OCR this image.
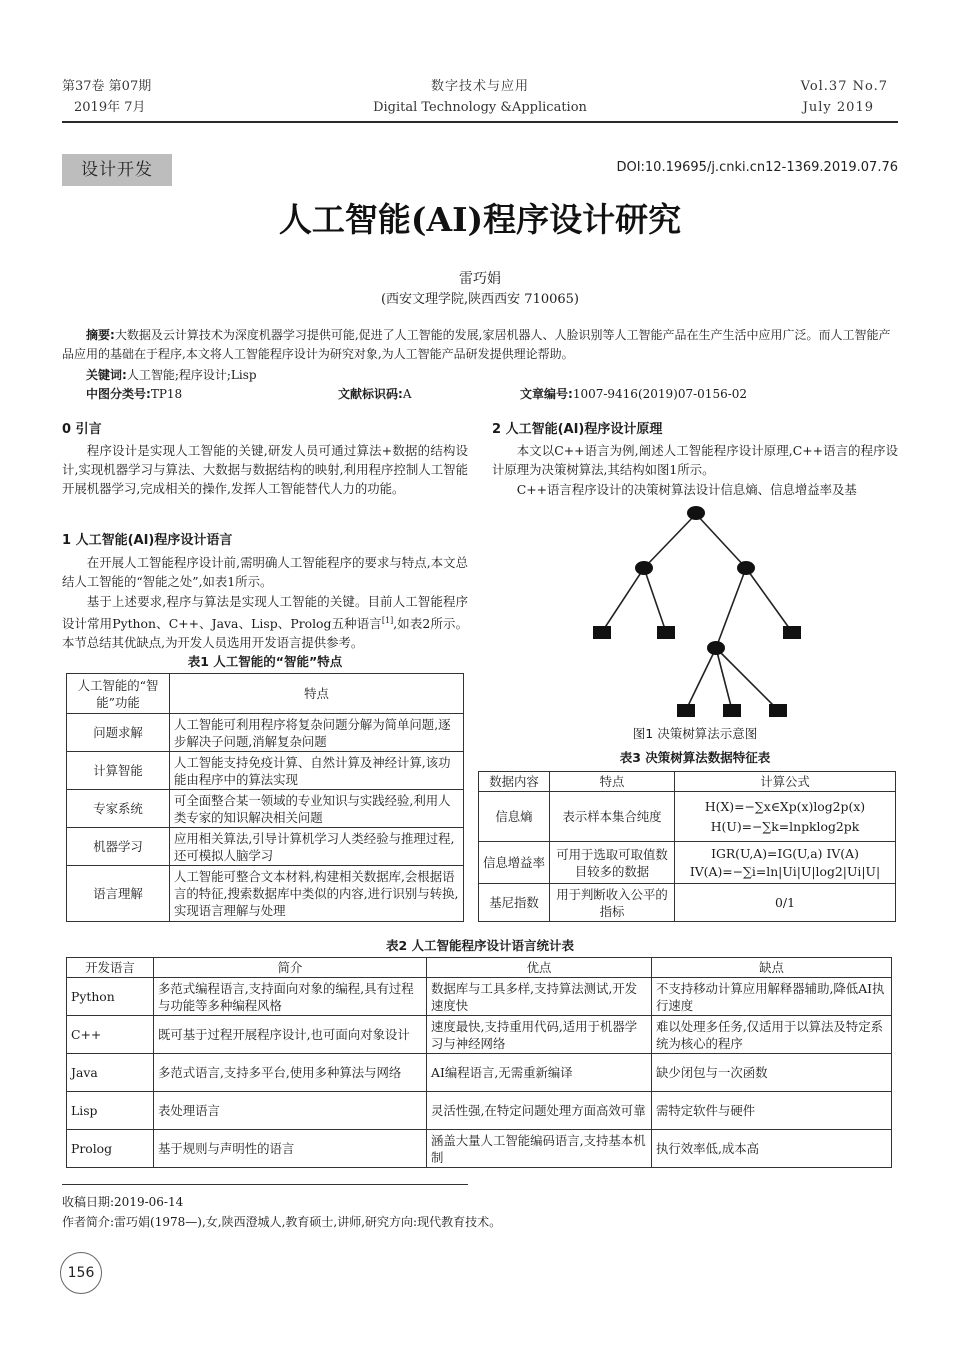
第37卷 第07期
2019年 7月
数字技术与应用
Digital Technology &Application
Vol.37 No.7
July 2019
设计开发	DOI:10.19695/j.cnki.cn12-1369.2019.07.76
人工智能(AI)程序设计研究
雷巧娟
(西安文理学院,陕西西安 710065)
摘要:大数据及云计算技术为深度机器学习提供可能,促进了人工智能的发展,家居机器人、人脸识别等人工智能产品在生产生活中应用广泛。而人工智能产品应用的基础在于程序,本文将人工智能程序设计为研究对象,为人工智能产品研发提供理论帮助。
关键词:人工智能;程序设计;Lisp
中图分类号:TP18	文献标识码:A	文章编号:1007-9416(2019)07-0156-02
0 引言
程序设计是实现人工智能的关键,研发人员可通过算法+数据的结构设计,实现机器学习与算法、大数据与数据结构的映射,利用程序控制人工智能开展机器学习,完成相关的操作,发挥人工智能替代人力的功能。
1 人工智能(AI)程序设计语言
在开展人工智能程序设计前,需明确人工智能程序的要求与特点,本文总结人工智能的“智能之处”,如表1所示。
基于上述要求,程序与算法是实现人工智能的关键。目前人工智能程序设计常用Python、C++、Java、Lisp、Prolog五种语言[1],如表2所示。本节总结其优缺点,为开发人员选用开发语言提供参考。
表1 人工智能的“智能”特点
人工智能的“智能”功能	特点
问题求解	人工智能可利用程序将复杂问题分解为简单问题,逐步解决子问题,消解复杂问题
计算智能	人工智能支持免疫计算、自然计算及神经计算,该功能由程序中的算法实现
专家系统	可全面整合某一领域的专业知识与实践经验,利用人类专家的知识解决相关问题
机器学习	应用相关算法,引导计算机学习人类经验与推理过程,还可模拟人脑学习
语言理解	人工智能可整合文本材料,构建相关数据库,会根据语言的特征,搜索数据库中类似的内容,进行识别与转换,实现语言理解与处理
2 人工智能(AI)程序设计原理
本文以C++语言为例,阐述人工智能程序设计原理,C++语言的程序设计原理为决策树算法,其结构如图1所示。
C++语言程序设计的决策树算法设计信息熵、信息增益率及基
图1 决策树算法示意图
表3 决策树算法数据特征表
数据内容	特点	计算公式
信息熵	表示样本集合纯度	H(X)=−∑x∈Xp(x)log2p(x)
H(U)=−∑k=lnpklog2pk

信息增益率	可用于选取可取值数目较多的数据	IGR(U,A)=IG(U,a) IV(A)
IV(A)=−∑i=ln|Ui|U|log2|Ui|U|

基尼指数	用于判断收入公平的指标	0/1
表2 人工智能程序设计语言统计表
开发语言	简介	优点	缺点
Python	多范式编程语言,支持面向对象的编程,具有过程与功能等多种编程风格	数据库与工具多样,支持算法测试,开发速度快	不支持移动计算应用解释器辅助,降低AI执行速度
C++	既可基于过程开展程序设计,也可面向对象设计	速度最快,支持重用代码,适用于机器学习与神经网络	难以处理多任务,仅适用于以算法及特定系统为核心的程序
Java	多范式语言,支持多平台,使用多种算法与网络	AI编程语言,无需重新编译	缺少闭包与一次函数
Lisp	表处理语言	灵活性强,在特定问题处理方面高效可靠	需特定软件与硬件
Prolog	基于规则与声明性的语言	涵盖大量人工智能编码语言,支持基本机制	执行效率低,成本高
收稿日期:2019-06-14
作者简介:雷巧娟(1978—),女,陕西澄城人,教育硕士,讲师,研究方向:现代教育技术。
156
